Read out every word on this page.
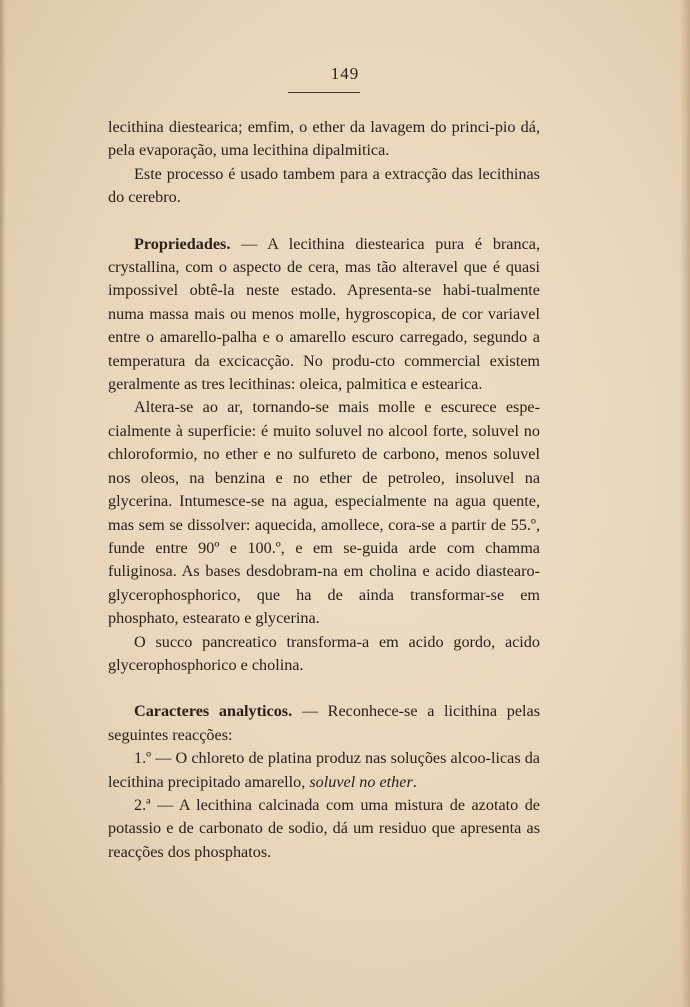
149

lecithina diestearica; emfim, o ether da lavagem do princi-pio dá, pela evaporação, uma lecithina dipalmitica.

Este processo é usado tambem para a extracção das lecithinas do cerebro.

Propriedades. — A lecithina diestearica pura é branca, crystallina, com o aspecto de cera, mas tão alteravel que é quasi impossivel obtê-la neste estado. Apresenta-se habi-tualmente numa massa mais ou menos molle, hygroscopica, de cor variavel entre o amarello-palha e o amarello escuro carregado, segundo a temperatura da excicacção. No produ-cto commercial existem geralmente as tres lecithinas: oleica, palmitica e estearica.

Altera-se ao ar, tornando-se mais molle e escurece espe-cialmente à superficie: é muito soluvel no alcool forte, soluvel no chloroformio, no ether e no sulfureto de carbono, menos soluvel nos oleos, na benzina e no ether de petroleo, insoluvel na glycerina. Intumesce-se na agua, especialmente na agua quente, mas sem se dissolver: aquecida, amollece, cora-se a partir de 55.º, funde entre 90º e 100.º, e em se-guida arde com chamma fuliginosa. As bases desdobram-na em cholina e acido diastearo-glycerophosphorico, que ha de ainda transformar-se em phosphato, estearato e glycerina.

O succo pancreatico transforma-a em acido gordo, acido glycerophosphorico e cholina.

Caracteres analyticos. — Reconhece-se a licithina pelas seguintes reacções:

1.º — O chloreto de platina produz nas soluções alcoo-licas da lecithina precipitado amarello, soluvel no ether.

2.ª — A lecithina calcinada com uma mistura de azotato de potassio e de carbonato de sodio, dá um residuo que apresenta as reacções dos phosphatos.
